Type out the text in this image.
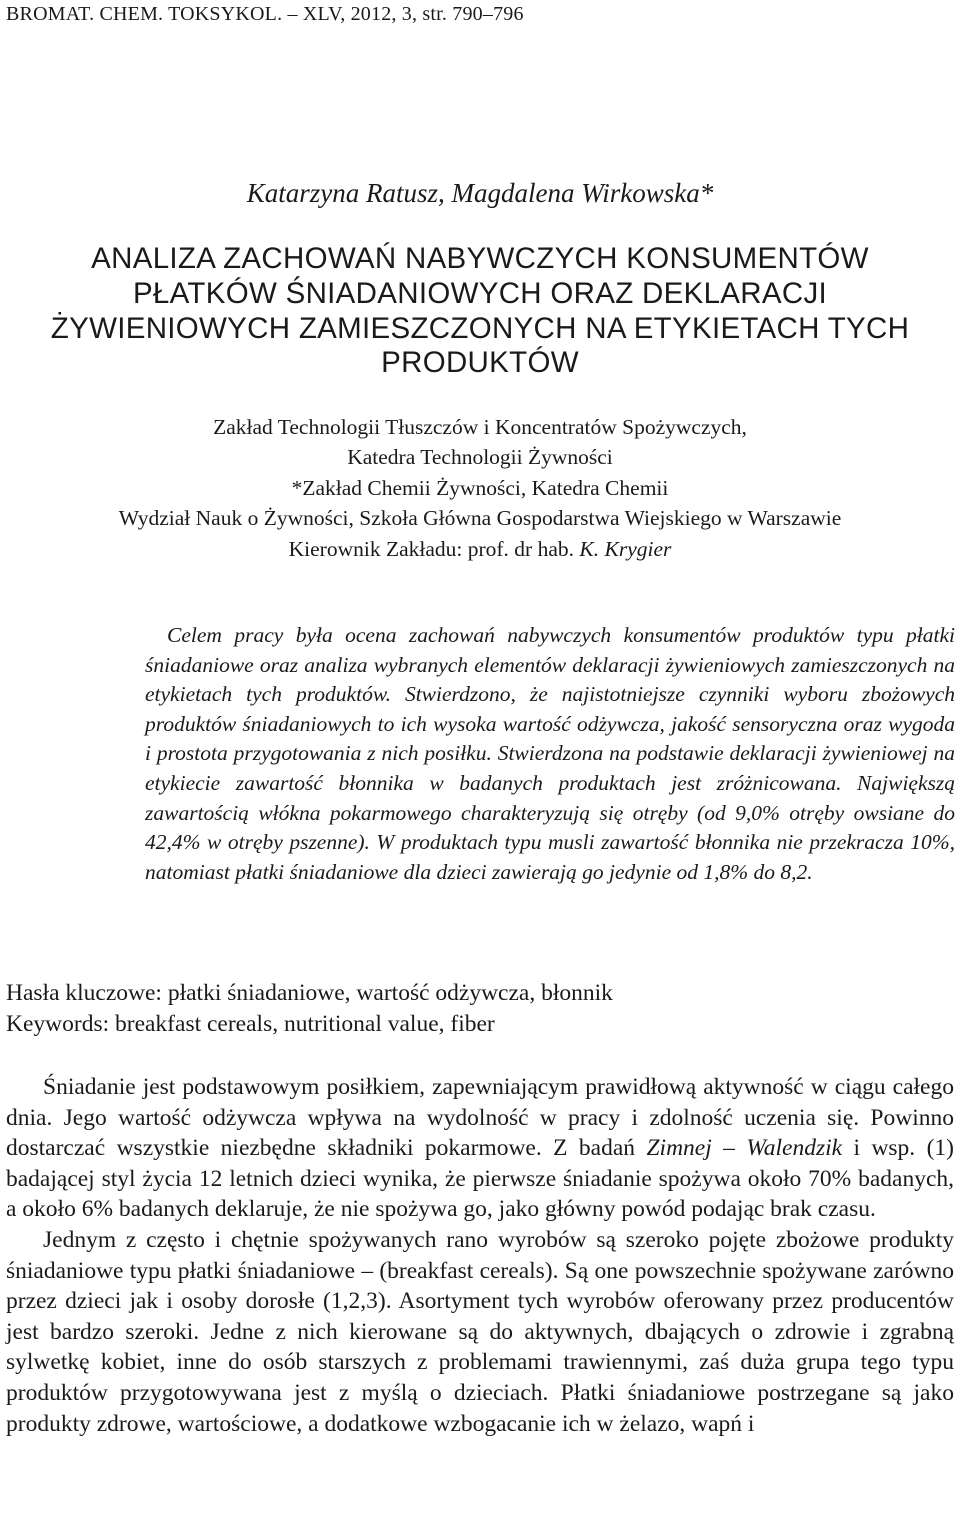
BROMAT. CHEM. TOKSYKOL. – XLV, 2012, 3, str. 790–796
Katarzyna Ratusz, Magdalena Wirkowska*
ANALIZA ZACHOWAŃ NABYWCZYCH KONSUMENTÓW
PŁATKÓW ŚNIADANIOWYCH ORAZ DEKLARACJI
ŻYWIENIOWYCH ZAMIESZCZONYCH NA ETYKIETACH TYCH
PRODUKTÓW
Zakład Technologii Tłuszczów i Koncentratów Spożywczych,
Katedra Technologii Żywności
*Zakład Chemii Żywności, Katedra Chemii
Wydział Nauk o Żywności, Szkoła Główna Gospodarstwa Wiejskiego w Warszawie
Kierownik Zakładu: prof. dr hab. K. Krygier

Celem pracy była ocena zachowań nabywczych konsumentów produktów typu płatki śniadaniowe oraz analiza wybranych elementów deklaracji żywieniowych zamieszczonych na etykietach tych produktów. Stwierdzono, że najistotniejsze czynniki wyboru zbożowych produktów śniadaniowych to ich wysoka wartość odżywcza, jakość sensoryczna oraz wygoda i prostota przygotowania z nich posiłku. Stwierdzona na podstawie deklaracji żywieniowej na etykiecie zawartość błonnika w badanych produktach jest zróżnicowana. Największą zawartością włókna pokarmowego charakteryzują się otręby (od 9,0% otręby owsiane do 42,4% w otręby pszenne). W produktach typu musli zawartość błonnika nie przekracza 10%, natomiast płatki śniadaniowe dla dzieci zawierają go jedynie od 1,8% do 8,2.

Hasła kluczowe: płatki śniadaniowe, wartość odżywcza, błonnik
Keywords: breakfast cereals, nutritional value, fiber

Śniadanie jest podstawowym posiłkiem, zapewniającym prawidłową aktywność w ciągu całego dnia. Jego wartość odżywcza wpływa na wydolność w pracy i zdolność uczenia się. Powinno dostarczać wszystkie niezbędne składniki pokarmowe. Z badań Zimnej – Walendzik i wsp. (1) badającej styl życia 12 letnich dzieci wynika, że pierwsze śniadanie spożywa około 70% badanych, a około 6% badanych deklaruje, że nie spożywa go, jako główny powód podając brak czasu.

Jednym z często i chętnie spożywanych rano wyrobów są szeroko pojęte zbożowe produkty śniadaniowe typu płatki śniadaniowe – (breakfast cereals). Są one powszechnie spożywane zarówno przez dzieci jak i osoby dorosłe (1,2,3). Asortyment tych wyrobów oferowany przez producentów jest bardzo szeroki. Jedne z nich kierowane są do aktywnych, dbających o zdrowie i zgrabną sylwetkę kobiet, inne do osób starszych z problemami trawiennymi, zaś duża grupa tego typu produktów przygotowywana jest z myślą o dzieciach. Płatki śniadaniowe postrzegane są jako produkty zdrowe, wartościowe, a dodatkowe wzbogacanie ich w żelazo, wapń i
